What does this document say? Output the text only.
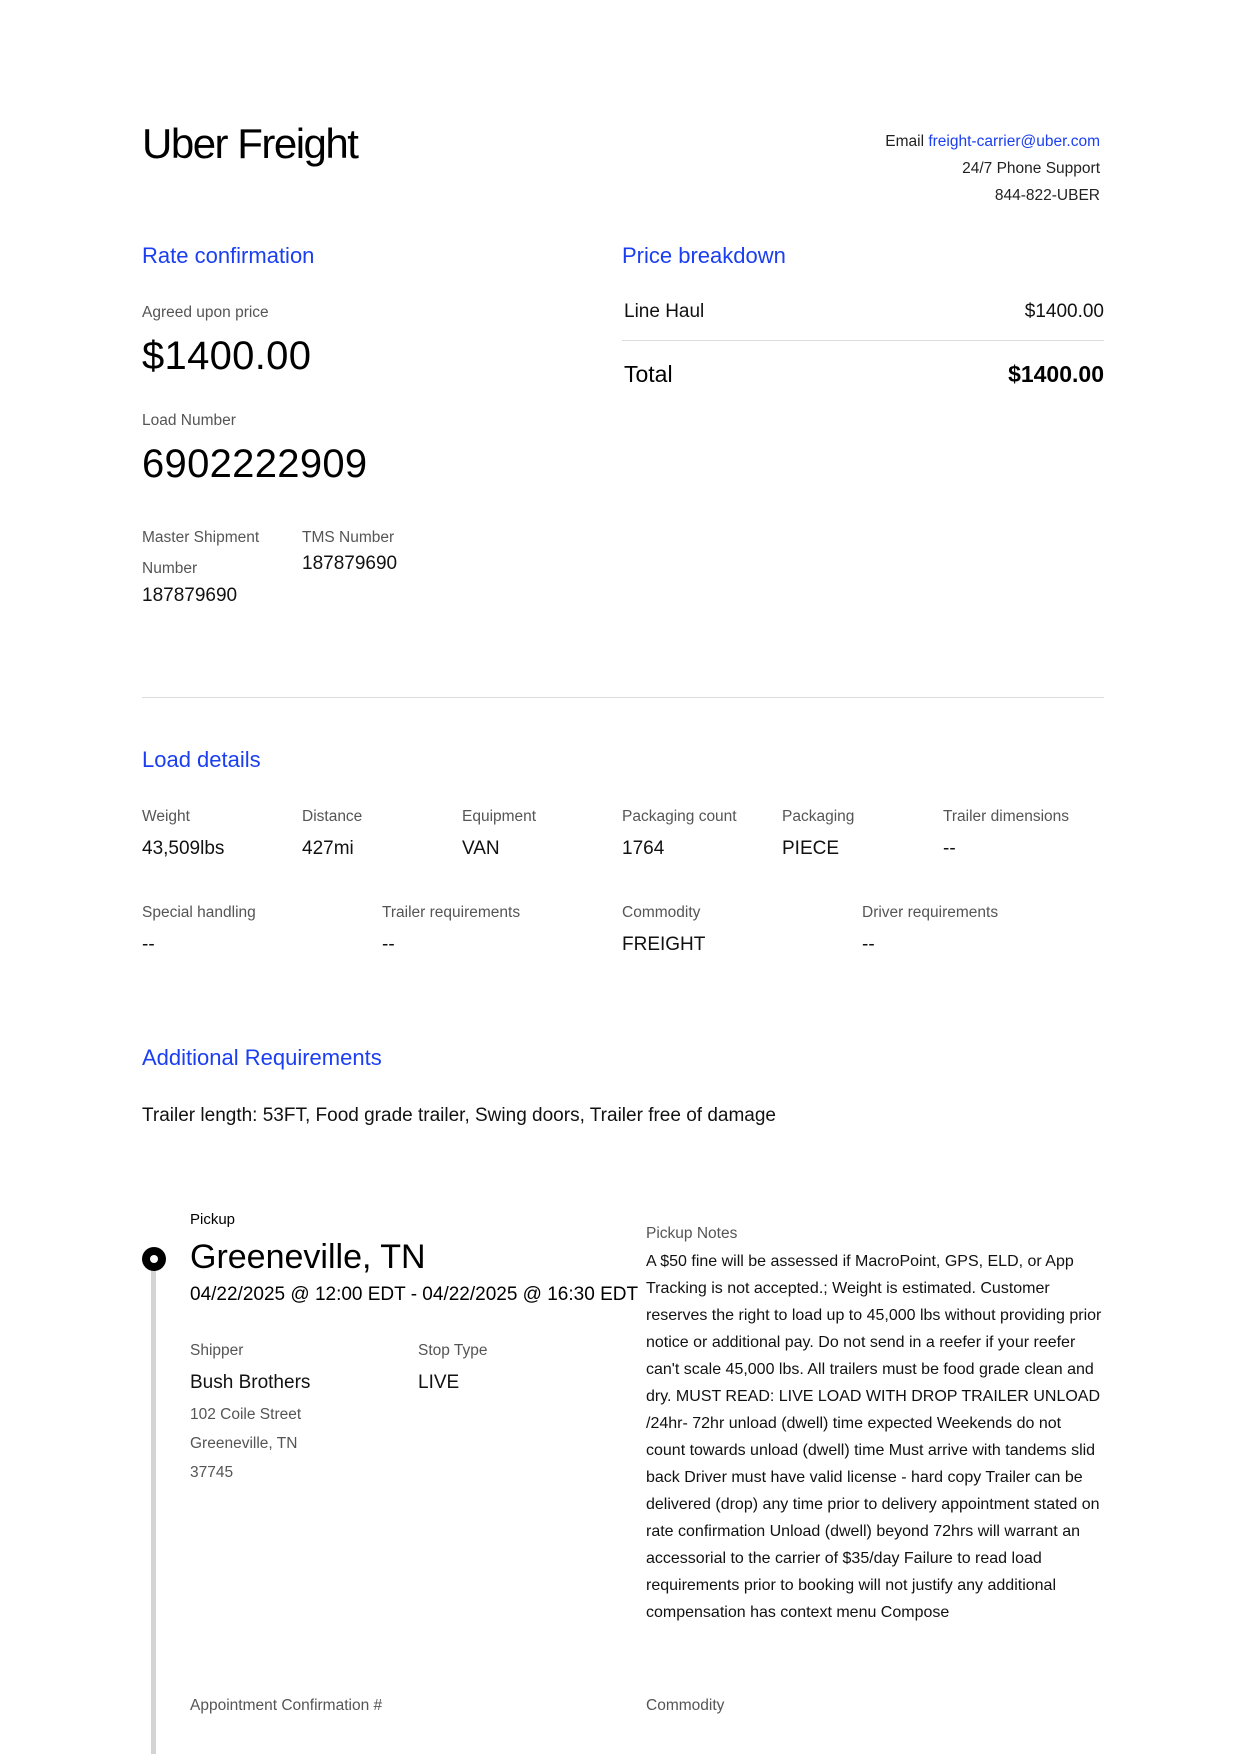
Uber Freight	Email freight-carrier@uber.com
24/7 Phone Support
844-822-UBER
Rate confirmation
Agreed upon price
$1400.00
Load Number
6902222909
Master Shipment
Number
187879690
TMS Number
187879690
Price breakdown
Line Haul	$1400.00
Total	$1400.00
Load details
Weight
43,509lbs
Distance
427mi
Equipment
VAN
Packaging count
1764
Packaging
PIECE
Trailer dimensions
--
Special handling
--
Trailer requirements
--
Commodity
FREIGHT
Driver requirements
--
Additional Requirements
Trailer length: 53FT, Food grade trailer, Swing doors, Trailer free of damage
Pickup
Greeneville, TN
04/22/2025 @ 12:00 EDT - 04/22/2025 @ 16:30 EDT
Shipper
Bush Brothers
102 Coile Street
Greeneville, TN
37745
Stop Type
LIVE
Pickup Notes
A $50 fine will be assessed if MacroPoint, GPS, ELD, or App Tracking is not accepted.; Weight is estimated. Customer reserves the right to load up to 45,000 lbs without providing prior notice or additional pay. Do not send in a reefer if your reefer can't scale 45,000 lbs. All trailers must be food grade clean and dry. MUST READ: LIVE LOAD WITH DROP TRAILER UNLOAD /24hr- 72hr unload (dwell) time expected Weekends do not count towards unload (dwell) time Must arrive with tandems slid back Driver must have valid license - hard copy Trailer can be delivered (drop) any time prior to delivery appointment stated on rate confirmation Unload (dwell) beyond 72hrs will warrant an accessorial to the carrier of $35/day Failure to read load requirements prior to booking will not justify any additional compensation has context menu Compose
Appointment Confirmation #	Commodity
